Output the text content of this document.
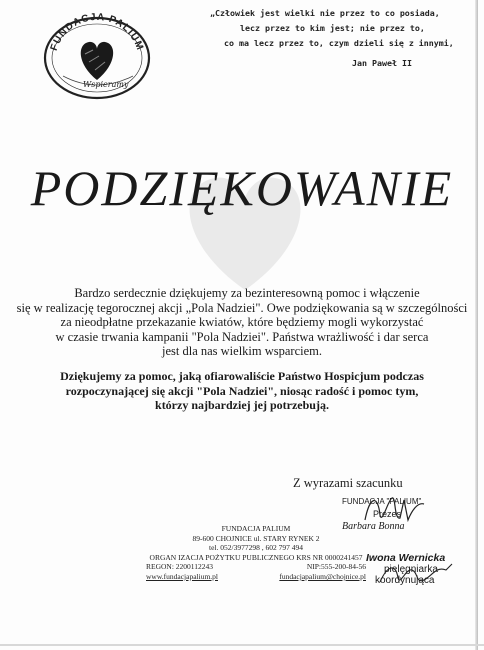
FUNDACJA PALIUM
Wspieramy
„Człowiek jest wielki nie przez to co posiada,
lecz przez to kim jest; nie przez to,
co ma lecz przez to, czym dzieli się z innymi,
Jan Paweł II
PODZIĘKOWANIE
Bardzo serdecznie dziękujemy za bezinteresowną pomoc i włączenie
się w realizację tegorocznej akcji „Pola Nadziei". Owe podziękowania są w szczególności
za nieodpłatne przekazanie kwiatów, które będziemy mogli wykorzystać
w czasie trwania kampanii "Pola Nadziei". Państwa wrażliwość i dar serca
jest dla nas wielkim wsparciem.
Dziękujemy za pomoc, jaką ofiarowaliście Państwo Hospicjum podczas
rozpoczynającej się akcji "Pola Nadziei", niosąc radość i pomoc tym,
którzy najbardziej jej potrzebują.
Z wyrazami szacunku
FUNDACJA PALIUM
89-600 CHOJNICE ul. STARY RYNEK 2
tel. 052/3977298 , 602 797 494
ORGAN IZACJA POŻYTKU PUBLICZNEGO KRS NR 0000241457
REGON: 2200112243	NIP:555-200-84-56
www.fundacjapalium.pl	fundacjapalium@chojnice.pl
FUNDACJA "PALIUM"
Prezes
Barbara Bonna
Iwona Wernicka
pielęgniarka
koordynująca
